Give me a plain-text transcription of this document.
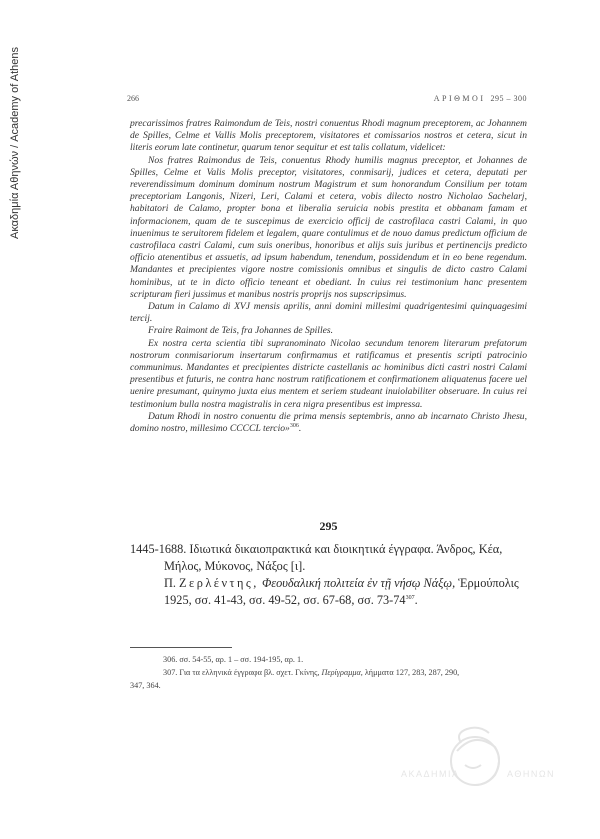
Ακαδημία Αθηνών / Academy of Athens	266	ΑΡΙΘΜΟΙ 295 – 300

precarissimos fratres Raimondum de Teis, nostri conuentus Rhodi magnum preceptorem, ac Johannem de Spilles, Celme et Vallis Molis preceptorem, visitatores et comissarios nostros et cetera, sicut in literis eorum late continetur, quarum tenor sequitur et est talis collatum, videlicet:

Nos fratres Raimondus de Teis, conuentus Rhody humilis magnus preceptor, et Johannes de Spilles, Celme et Valis Molis preceptor, visitatores, conmisarij, judices et cetera, deputati per reverendissimum dominum dominum nostrum Magistrum et sum honorandum Consilium per totam preceptoriam Langonis, Nizeri, Leri, Calami et cetera, vobis dilecto nostro Nicholao Sachelarj, habitatori de Calamo, propter bona et liberalia seruicia nobis prestita et obbanam famam et informacionem, quam de te suscepimus de exercicio officij de castrofilaca castri Calami, in quo inuenimus te seruitorem fidelem et legalem, quare contulimus et de nouo damus predictum officium de castrofilaca castri Calami, cum suis oneribus, honoribus et alijs suis juribus et pertinencijs predicto officio atenentibus et assuetis, ad ipsum habendum, tenendum, possidendum et in eo bene regendum. Mandantes et precipientes vigore nostre comissionis omnibus et singulis de dicto castro Calami hominibus, ut te in dicto officio teneant et obediant. In cuius rei testimonium hanc presentem scripturam fieri jussimus et manibus nostris proprijs nos supscripsimus.

Datum in Calamo di XVJ mensis aprilis, anni domini millesimi quadrigentesimi quinquagesimi tercij.

Fraire Raimont de Teis, fra Johannes de Spilles.

Ex nostra certa scientia tibi supranominato Nicolao secundum tenorem literarum prefatorum nostrorum conmisariorum insertarum confirmamus et ratificamus et presentis scripti patrocinio communimus. Mandantes et precipientes districte castellanis ac hominibus dicti castri nostri Calami presentibus et futuris, ne contra hanc nostrum ratificationem et confirmationem aliquatenus facere uel uenire presumant, quinymo juxta eius mentem et seriem studeant inuiolabiliter obseruare. In cuius rei testimonium bulla nostra magistralis in cera nigra presentibus est impressa.

Datum Rhodi in nostro conuentu die prima mensis septembris, anno ab incarnato Christo Jhesu, domino nostro, millesimo CCCCL tercio»$^{306}$.

295

1445-1688. Ιδιωτικά δικαιοπρακτικά και διοικητικά έγγραφα. Άνδρος, Κέα,

Μήλος, Μύκονος, Νάξος [ι].

Π. Ζερλέντης, Φεουδαλική πολιτεία ἐν τῇ νήσῳ Νάξῳ, Ἑρμούπολις

1925, σσ. 41-43, σσ. 49-52, σσ. 67-68, σσ. $73-74^{307}$.

306. σσ. 54-55, αρ. 1 – σσ. 194-195, αρ. 1.

307. Για τα ελληνικά έγγραφα βλ. σχετ. Γκίνης, Περίγραμμα, λήμματα 127, 283, 287, 290,

347, 364.

ΑΚΑΔΗΜΙΑ	ΑΘΗΝΩΝ
